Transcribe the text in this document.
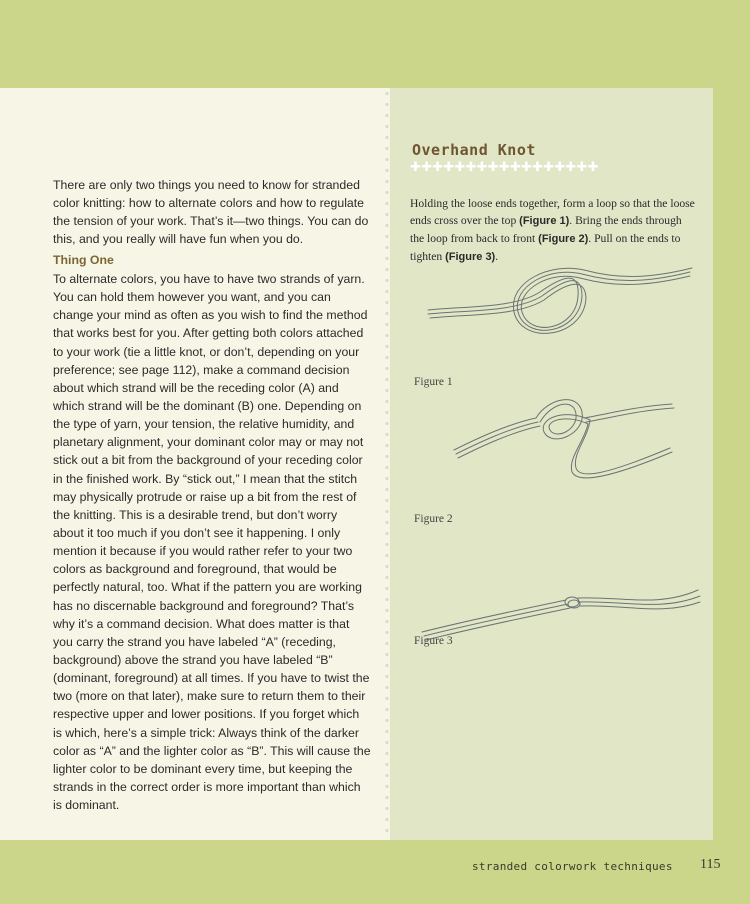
There are only two things you need to know for stranded color knitting: how to alternate colors and how to regulate the tension of your work. That’s it—two things. You can do this, and you really will have fun when you do.

Thing One

To alternate colors, you have to have two strands of yarn. You can hold them however you want, and you can change your mind as often as you wish to find the method that works best for you. After getting both colors attached to your work (tie a little knot, or don’t, depending on your preference; see page 112), make a command decision about which strand will be the receding color (A) and which strand will be the dominant (B) one. Depending on the type of yarn, your tension, the relative humidity, and planetary alignment, your dominant color may or may not stick out a bit from the background of your receding color in the finished work. By “stick out,” I mean that the stitch may physically protrude or raise up a bit from the rest of the knitting. This is a desirable trend, but don’t worry about it too much if you don’t see it happening. I only mention it because if you would rather refer to your two colors as background and foreground, that would be perfectly natural, too. What if the pattern you are working has no discernable background and foreground? That’s why it’s a command decision. What does matter is that you carry the strand you have labeled “A” (receding, background) above the strand you have labeled “B” (dominant, foreground) at all times. If you have to twist the two (more on that later), make sure to return them to their respective upper and lower positions. If you forget which is which, here’s a simple trick: Always think of the darker color as “A” and the lighter color as “B”. This will cause the lighter color to be dominant every time, but keeping the strands in the correct order is more important than which is dominant.

Overhand Knot
✚✚✚✚✚✚✚✚✚✚✚✚✚✚✚✚✚

Holding the loose ends together, form a loop so that the loose ends cross over the top (Figure 1). Bring the ends through the loop from back to front (Figure 2). Pull on the ends to tighten (Figure 3).

Figure 1
Figure 2
Figure 3
stranded colorwork techniques 115
